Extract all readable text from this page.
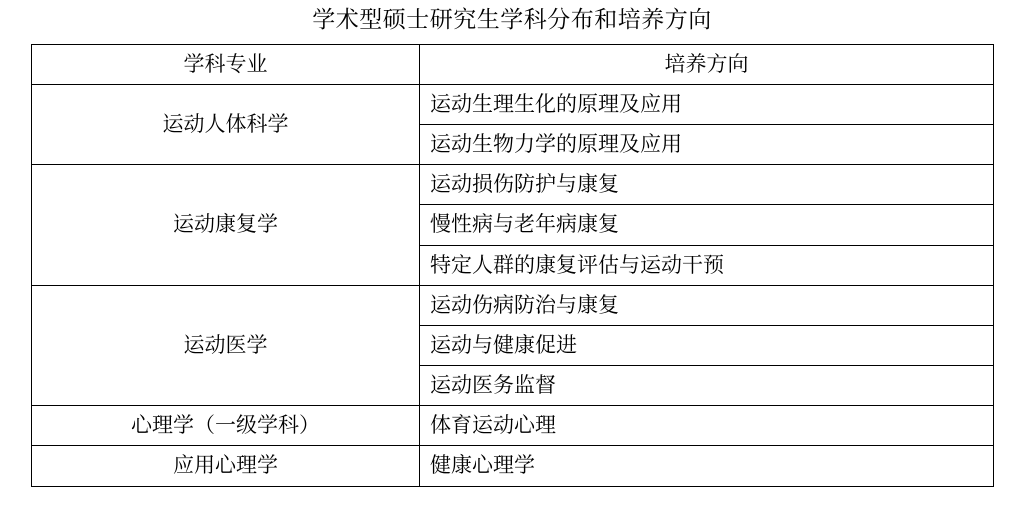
学术型硕士研究生学科分布和培养方向
学科专业	培养方向
运动人体科学	运动生理生化的原理及应用
	运动生物力学的原理及应用
运动康复学	运动损伤防护与康复
	慢性病与老年病康复
	特定人群的康复评估与运动干预
运动医学	运动伤病防治与康复
	运动与健康促进
	运动医务监督
心理学（一级学科）	体育运动心理
应用心理学	健康心理学
